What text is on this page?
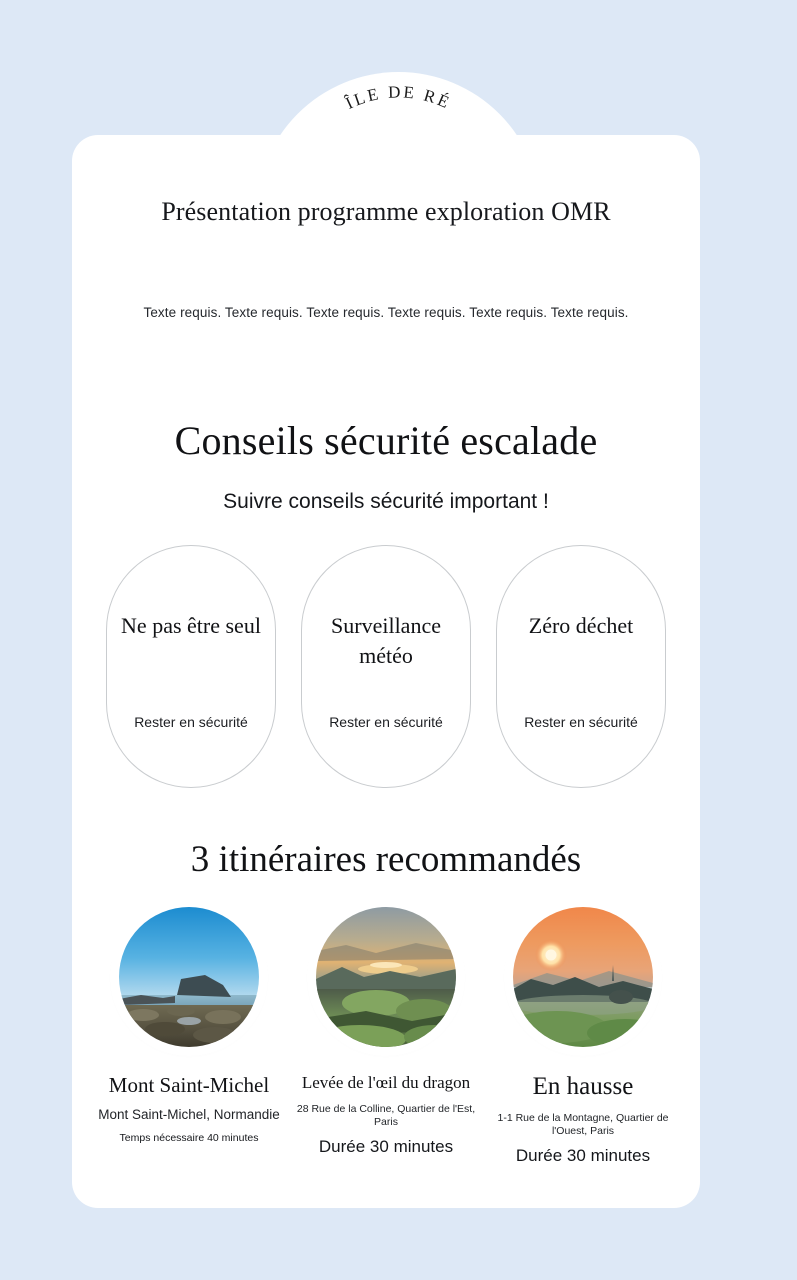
ÎLE DE RÉ
Présentation programme exploration OMR
Texte requis. Texte requis. Texte requis. Texte requis. Texte requis. Texte requis.
Conseils sécurité escalade
Suivre conseils sécurité important !
Ne pas être seul
Rester en sécurité
Surveillance météo
Rester en sécurité
Zéro déchet
Rester en sécurité
3 itinéraires recommandés
Mont Saint-Michel
Mont Saint-Michel, Normandie
Temps nécessaire 40 minutes
Levée de l'œil du dragon
28 Rue de la Colline, Quartier de l'Est, Paris
Durée 30 minutes
En hausse
1-1 Rue de la Montagne, Quartier de l'Ouest, Paris
Durée 30 minutes
